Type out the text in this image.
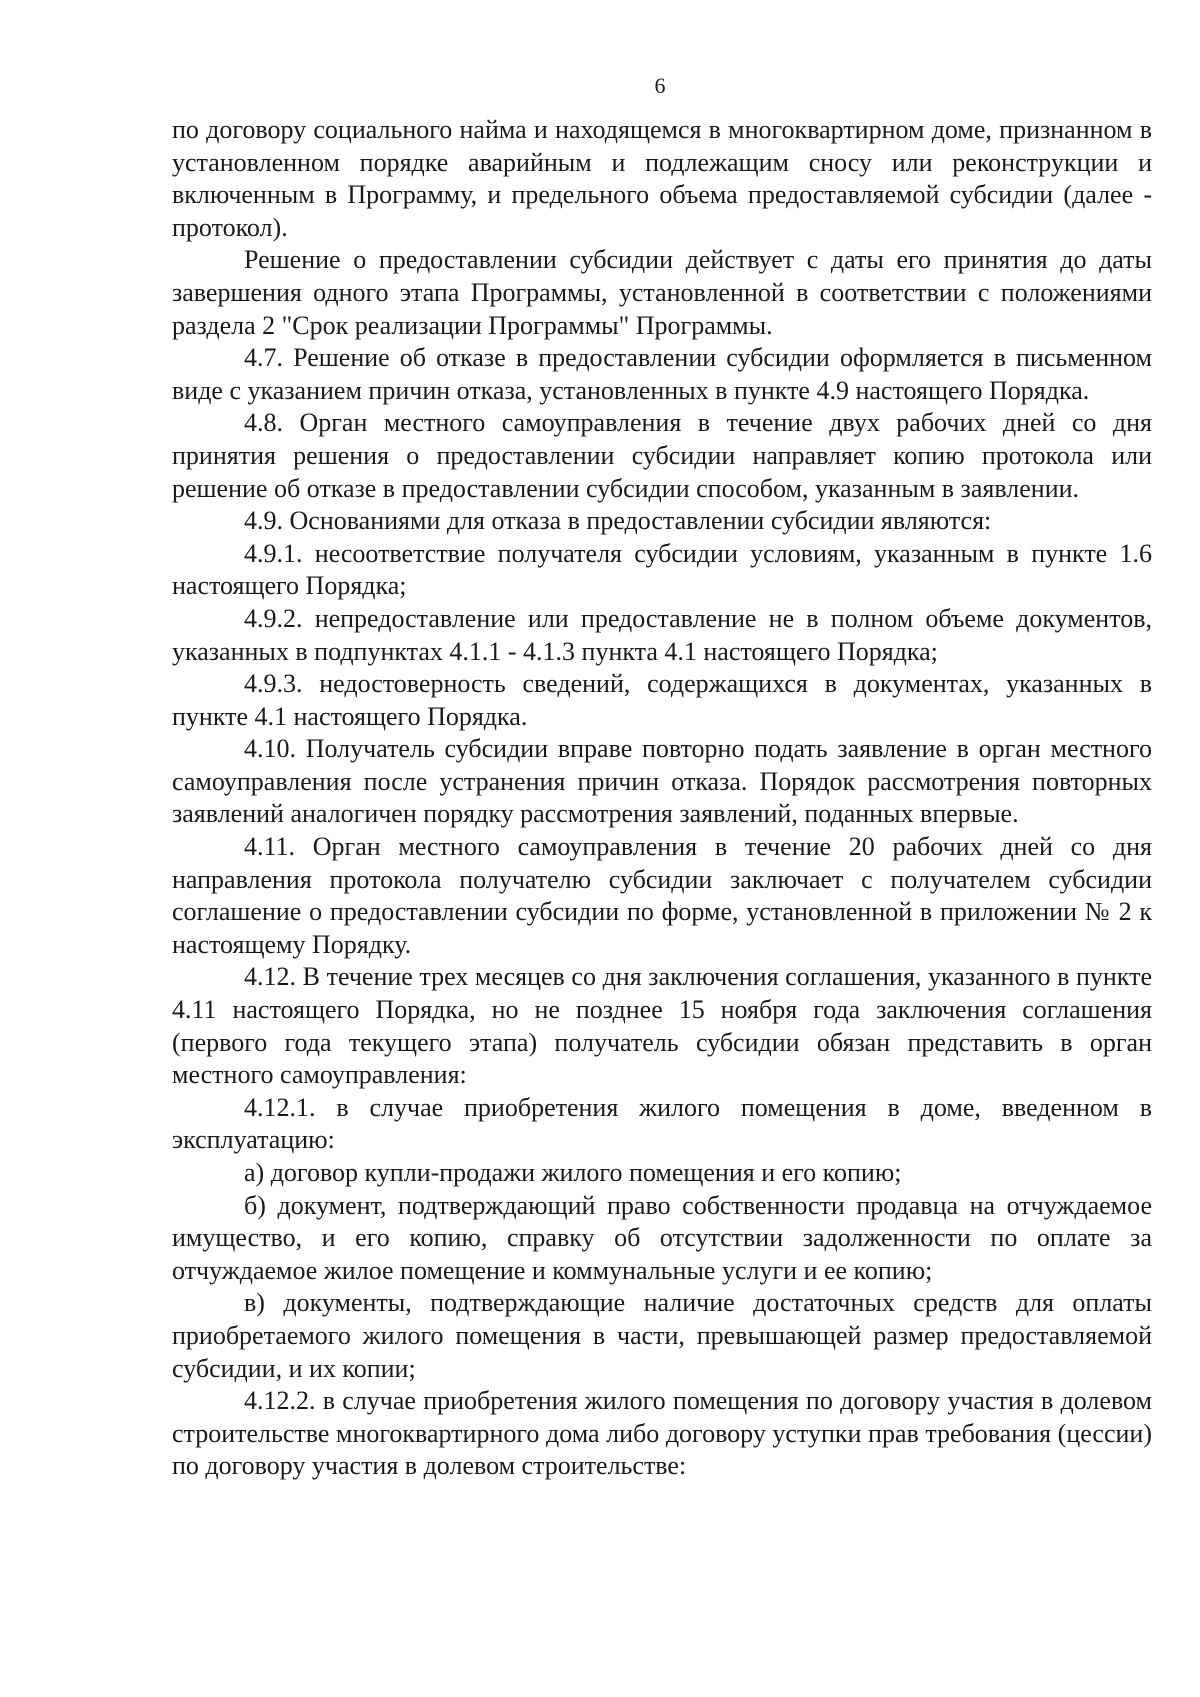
6

по договору социального найма и находящемся в многоквартирном доме, признанном в установленном порядке аварийным и подлежащим сносу или реконструкции и включенным в Программу, и предельного объема предоставляемой субсидии (далее - протокол).

Решение о предоставлении субсидии действует с даты его принятия до даты завершения одного этапа Программы, установленной в соответствии с положениями раздела 2 "Срок реализации Программы" Программы.

4.7. Решение об отказе в предоставлении субсидии оформляется в письменном виде с указанием причин отказа, установленных в пункте 4.9 настоящего Порядка.

4.8. Орган местного самоуправления в течение двух рабочих дней со дня принятия решения о предоставлении субсидии направляет копию протокола или решение об отказе в предоставлении субсидии способом, указанным в заявлении.

4.9. Основаниями для отказа в предоставлении субсидии являются:

4.9.1. несоответствие получателя субсидии условиям, указанным в пункте 1.6 настоящего Порядка;

4.9.2. непредоставление или предоставление не в полном объеме документов, указанных в подпунктах 4.1.1 - 4.1.3 пункта 4.1 настоящего Порядка;

4.9.3. недостоверность сведений, содержащихся в документах, указанных в пункте 4.1 настоящего Порядка.

4.10. Получатель субсидии вправе повторно подать заявление в орган местного самоуправления после устранения причин отказа. Порядок рассмотрения повторных заявлений аналогичен порядку рассмотрения заявлений, поданных впервые.

4.11. Орган местного самоуправления в течение 20 рабочих дней со дня направления протокола получателю субсидии заключает с получателем субсидии соглашение о предоставлении субсидии по форме, установленной в приложении № 2 к настоящему Порядку.

4.12. В течение трех месяцев со дня заключения соглашения, указанного в пункте 4.11 настоящего Порядка, но не позднее 15 ноября года заключения соглашения (первого года текущего этапа) получатель субсидии обязан представить в орган местного самоуправления:

4.12.1. в случае приобретения жилого помещения в доме, введенном в эксплуатацию:

а) договор купли-продажи жилого помещения и его копию;

б) документ, подтверждающий право собственности продавца на отчуждаемое имущество, и его копию, справку об отсутствии задолженности по оплате за отчуждаемое жилое помещение и коммунальные услуги и ее копию;

в) документы, подтверждающие наличие достаточных средств для оплаты приобретаемого жилого помещения в части, превышающей размер предоставляемой субсидии, и их копии;

4.12.2. в случае приобретения жилого помещения по договору участия в долевом строительстве многоквартирного дома либо договору уступки прав требования (цессии) по договору участия в долевом строительстве:
